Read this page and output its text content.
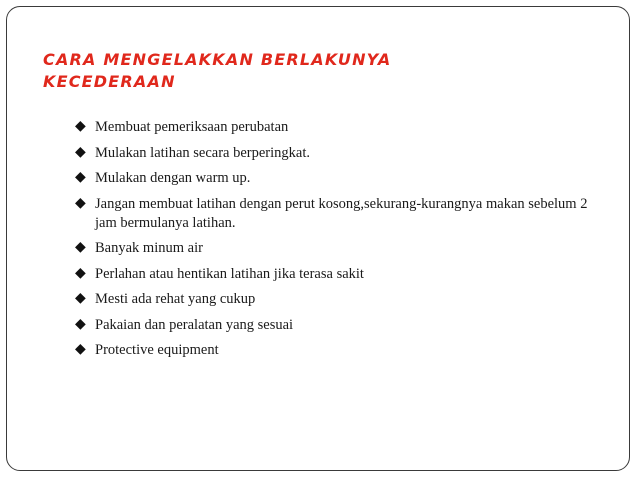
CARA MENGELAKKAN BERLAKUNYA KECEDERAAN
◆ Membuat pemeriksaan perubatan
◆ Mulakan latihan secara berperingkat.
◆ Mulakan dengan warm up.
◆ Jangan membuat latihan dengan perut kosong,sekurang-kurangnya makan sebelum 2 jam bermulanya latihan.
◆ Banyak minum air
◆ Perlahan atau hentikan latihan jika terasa sakit
◆ Mesti ada rehat yang cukup
◆ Pakaian dan peralatan yang sesuai
◆ Protective equipment
